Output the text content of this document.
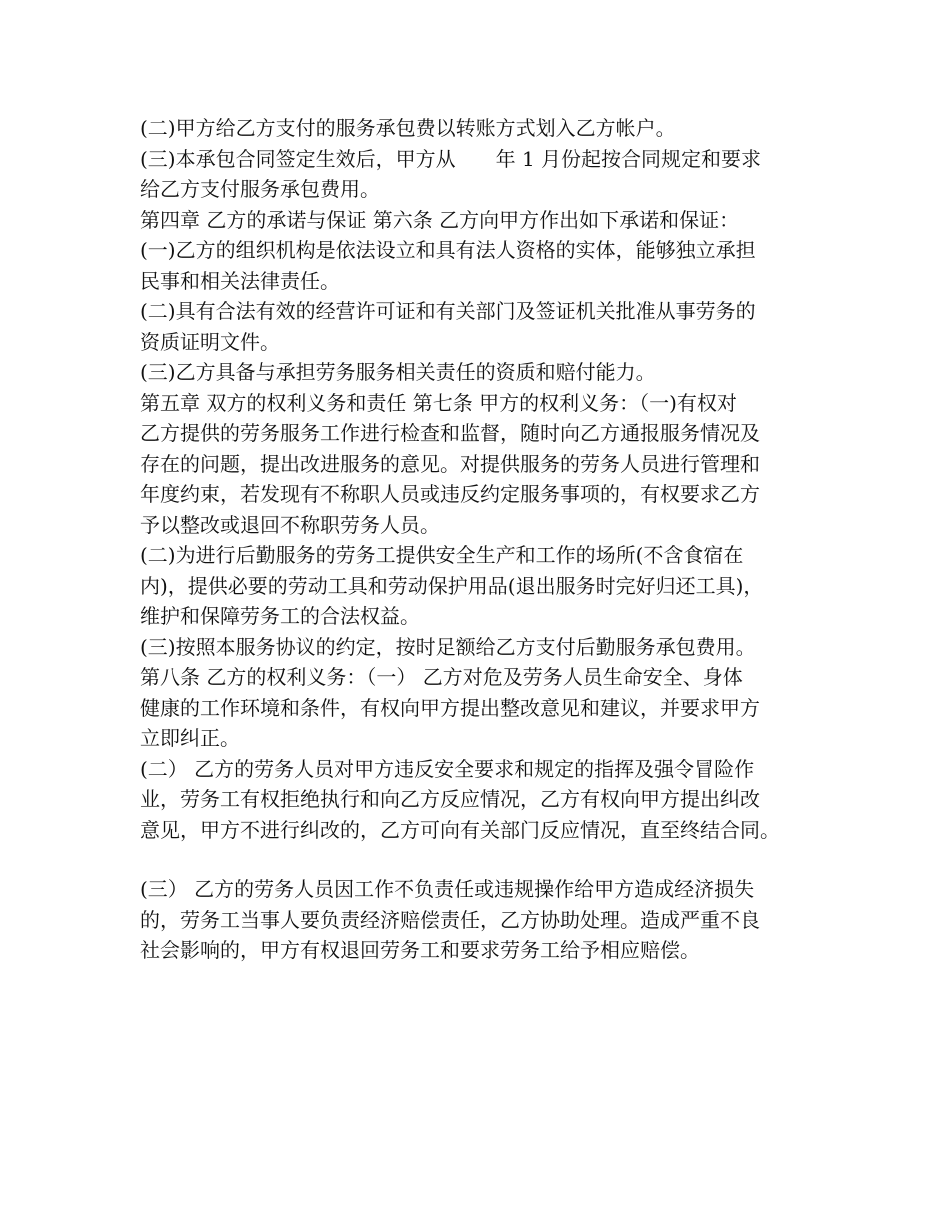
(二)甲方给乙方支付的服务承包费以转账方式划入乙方帐户。
(三)本承包合同签定生效后，甲方从　　年 1 月份起按合同规定和要求
给乙方支付服务承包费用。
第四章 乙方的承诺与保证 第六条 乙方向甲方作出如下承诺和保证：
(一)乙方的组织机构是依法设立和具有法人资格的实体，能够独立承担
民事和相关法律责任。
(二)具有合法有效的经营许可证和有关部门及签证机关批准从事劳务的
资质证明文件。
(三)乙方具备与承担劳务服务相关责任的资质和赔付能力。
第五章 双方的权利义务和责任 第七条 甲方的权利义务：（一)有权对
乙方提供的劳务服务工作进行检查和监督，随时向乙方通报服务情况及
存在的问题，提出改进服务的意见。对提供服务的劳务人员进行管理和
年度约束，若发现有不称职人员或违反约定服务事项的，有权要求乙方
予以整改或退回不称职劳务人员。
(二)为进行后勤服务的劳务工提供安全生产和工作的场所(不含食宿在
内)，提供必要的劳动工具和劳动保护用品(退出服务时完好归还工具)，
维护和保障劳务工的合法权益。
(三)按照本服务协议的约定，按时足额给乙方支付后勤服务承包费用。
第八条 乙方的权利义务：（一） 乙方对危及劳务人员生命安全、身体
健康的工作环境和条件，有权向甲方提出整改意见和建议，并要求甲方
立即纠正。
(二） 乙方的劳务人员对甲方违反安全要求和规定的指挥及强令冒险作
业，劳务工有权拒绝执行和向乙方反应情况，乙方有权向甲方提出纠改
意见，甲方不进行纠改的，乙方可向有关部门反应情况，直至终结合同。
(三） 乙方的劳务人员因工作不负责任或违规操作给甲方造成经济损失
的，劳务工当事人要负责经济赔偿责任，乙方协助处理。造成严重不良
社会影响的，甲方有权退回劳务工和要求劳务工给予相应赔偿。
